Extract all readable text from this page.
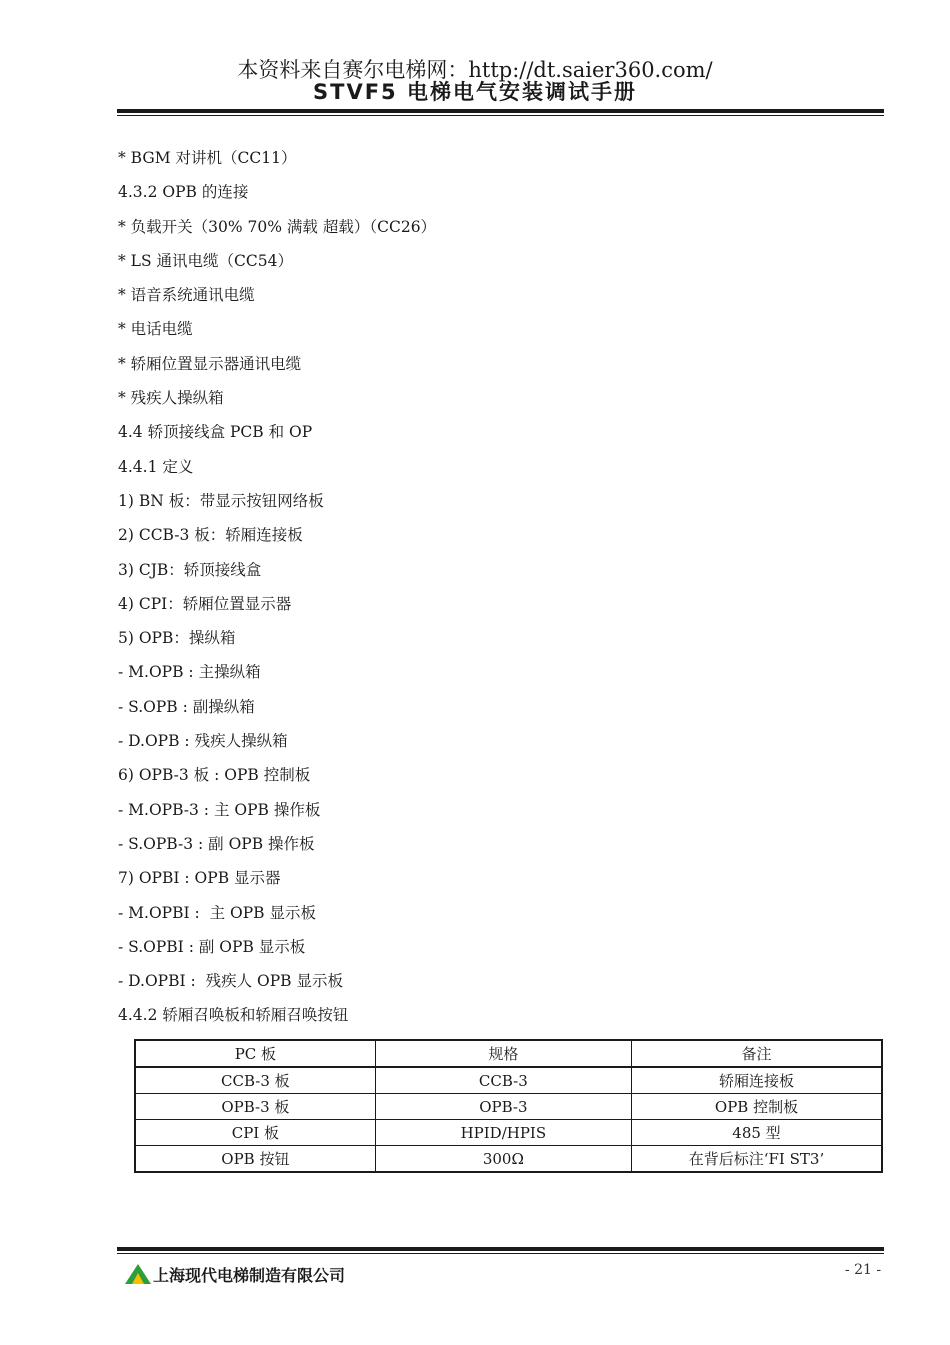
本资料来自赛尔电梯网：http://dt.saier360.com/
STVF5 电梯电气安装调试手册
* BGM 对讲机（CC11）
4.3.2 OPB 的连接
* 负载开关（30% 70% 满载 超载）（CC26）
* LS 通讯电缆（CC54）
* 语音系统通讯电缆
* 电话电缆
* 轿厢位置显示器通讯电缆
* 残疾人操纵箱
4.4 轿顶接线盒 PCB 和 OP
4.4.1 定义
1) BN 板：带显示按钮网络板
2) CCB-3 板：轿厢连接板
3) CJB：轿顶接线盒
4) CPI：轿厢位置显示器
5) OPB：操纵箱
- M.OPB : 主操纵箱
- S.OPB : 副操纵箱
- D.OPB : 残疾人操纵箱
6) OPB-3 板 : OPB 控制板
- M.OPB-3 : 主 OPB 操作板
- S.OPB-3 : 副 OPB 操作板
7) OPBI : OPB 显示器
- M.OPBI :  主 OPB 显示板
- S.OPBI : 副 OPB 显示板
- D.OPBI :  残疾人 OPB 显示板
4.4.2 轿厢召唤板和轿厢召唤按钮
PC 板	规格	备注
CCB-3 板	CCB-3	轿厢连接板
OPB-3 板	OPB-3	OPB 控制板
CPI 板	HPID/HPIS	485 型
OPB 按钮	300Ω	在背后标注‘FI ST3’
上海现代电梯制造有限公司	- 21 -
